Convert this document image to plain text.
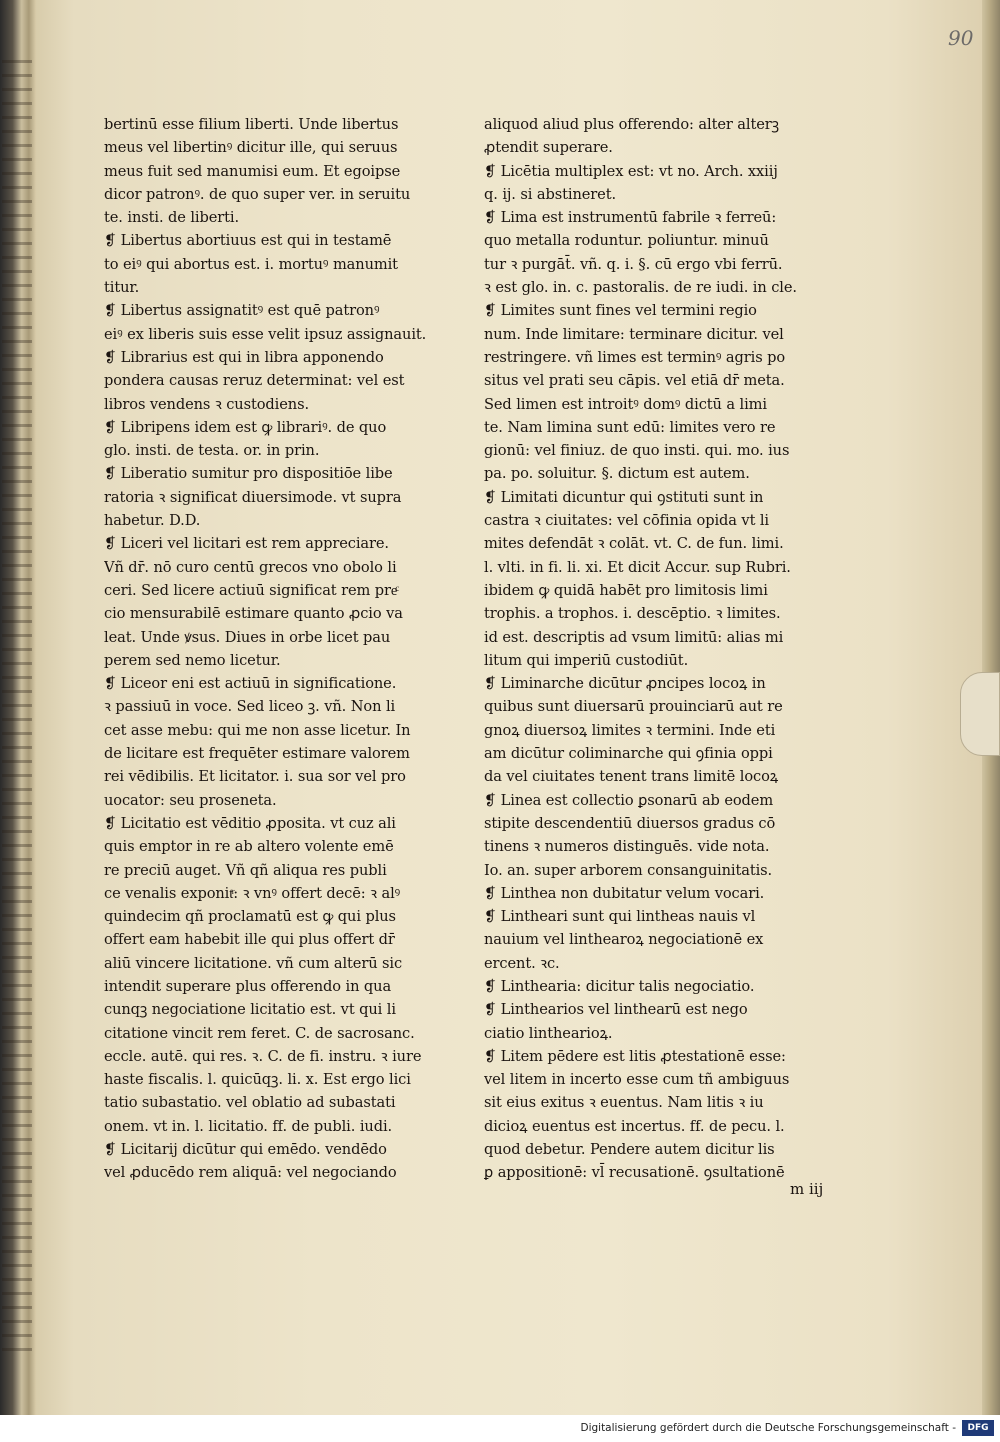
90
bertinū esse filium liberti. Unde libertus
meus vel libertinꝰ dicitur ille, qui seruus
meus fuit sed manumisi eum. Et egoipse
dicor patronꝰ. de quo super ver. in seruitu
te. insti. de liberti.
❡ Libertus abortiuus est qui in testamē
to eiꝰ qui abortus est. i. mortuꝰ manumit
titur.
❡ Libertus assignatitꝰ est quē patronꝰ
eiꝰ ex liberis suis esse velit ipsuz assignauit.
❡ Librarius est qui in libra apponendo
pondera causas reruz determinat: vel est
libros vendens ꝛ custodiens.
❡ Libripens idem est ꝙ librariꝰ. de quo
glo. insti. de testa. or. in prin.
❡ Liberatio sumitur pro dispositiōe libe
ratoria ꝛ significat diuersimode. vt supra
habetur. D.D.
❡ Liceri vel licitari est rem appreciare.
Vñ dr̄. nō curo centū grecos vno obolo li
ceri. Sed licere actiuū significat rem preͨ
cio mensurabilē estimare quanto ꝓcio va
leat. Unde ꝟsus. Diues in orbe licet pau
perem sed nemo licetur.
❡ Liceor eni est actiuū in significatione.
ꝛ passiuū in voce. Sed liceo ꝫ. vñ. Non li
cet asse mebu: qui me non asse licetur. In
de licitare est frequēter estimare valorem
rei vēdibilis. Et licitator. i. sua sor vel pro
uocator: seu proseneta.
❡ Licitatio est vēditio ꝓposita. vt cuz ali
quis emptor in re ab altero volente emē
re preciū auget. Vñ qñ aliqua res publi
ce venalis exponitͬ: ꝛ vnꝰ offert decē: ꝛ alꝰ
quindecim qñ proclamatū est ꝙ qui plus
offert eam habebit ille qui plus offert dr̄
aliū vincere licitatione. vñ cum alterū sic
intendit superare plus offerendo in qua
cunqꝫ negociatione licitatio est. vt qui li
citatione vincit rem feret. C. de sacrosanc.
eccle. autē. qui res. ꝛ. C. de fi. instru. ꝛ iure
haste fiscalis. l. quicūqꝫ. li. x. Est ergo lici
tatio subastatio. vel oblatio ad subastati
onem. vt in. l. licitatio. ff. de publi. iudi.
❡ Licitarij dicūtur qui emēdo. vendēdo
vel ꝓducēdo rem aliquā: vel negociando
aliquod aliud plus offerendo: alter alterꝫ
ꝓtendit superare.
❡ Licētia multiplex est: vt no. Arch. xxiij
q. ij. si abstineret.
❡ Lima est instrumentū fabrile ꝛ ferreū:
quo metalla roduntur. poliuntur. minuū
tur ꝛ purgāt̄. vñ. q. i. §. cū ergo vbi ferrū.
ꝛ est glo. in. c. pastoralis. de re iudi. in cle.
❡ Limites sunt fines vel termini regio
num. Inde limitare: terminare dicitur. vel
restringere. vñ limes est terminꝰ agris po
situs vel prati seu cāpis. vel etiā dr̄ meta.
Sed limen est introitꝰ domꝰ dictū a limi
te. Nam limina sunt edū: limites vero re
gionū: vel finiuz. de quo insti. qui. mo. ius
pa. po. soluitur. §. dictum est autem.
❡ Limitati dicuntur qui ꝯstituti sunt in
castra ꝛ ciuitates: vel cōfinia opida vt li
mites defendāt ꝛ colāt. vt. C. de fun. limi.
l. vlti. in fi. li. xi. Et dicit Accur. sup Rubri.
ibidem ꝙ quidā habēt pro limitosis limi
trophis. a trophos. i. descēptio. ꝛ limites.
id est. descriptis ad vsum limitū: alias mi
litum qui imperiū custodiūt.
❡ Liminarche dicūtur ꝓncipes locoꝝ in
quibus sunt diuersarū prouinciarū aut re
gnoꝝ diuersoꝝ limites ꝛ termini. Inde eti
am dicūtur coliminarche qui ꝯfinia oppi
da vel ciuitates tenent trans limitē locoꝝ
❡ Linea est collectio ꝑsonarū ab eodem
stipite descendentiū diuersos gradus cō
tinens ꝛ numeros distinguēs. vide nota.
Io. an. super arborem consanguinitatis.
❡ Linthea non dubitatur velum vocari.
❡ Lintheari sunt qui lintheas nauis vl
nauium vel linthearoꝝ negociationē ex
ercent. ꝛc.
❡ Linthearia: dicitur talis negociatio.
❡ Linthearios vel linthearū est nego
ciatio linthearioꝝ.
❡ Litem pēdere est litis ꝓtestationē esse:
vel litem in incerto esse cum tñ ambiguus
sit eius exitus ꝛ euentus. Nam litis ꝛ iu
dicioꝝ euentus est incertus. ff. de pecu. l.
quod debetur. Pendere autem dicitur lis
ꝑ appositionē: vl̄ recusationē. ꝯsultationē
m iij
Digitalisierung gefördert durch die Deutsche Forschungsgemeinschaft -	DFG
